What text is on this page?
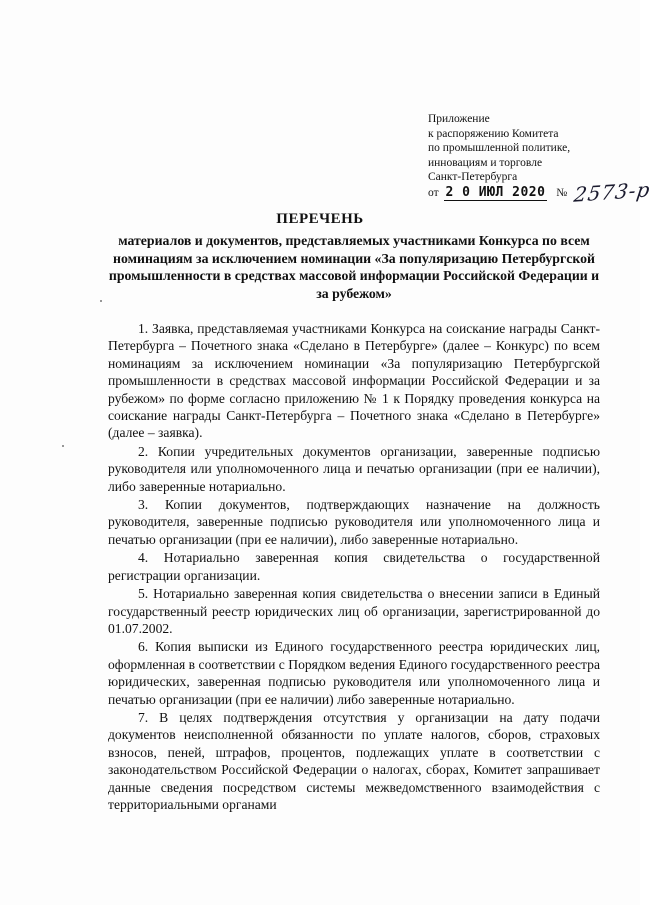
Приложение
к распоряжению Комитета
по промышленной политике,
инновациям и торговле
Санкт-Петербурга
от 2 0 ИЮЛ 2020 № 2573-р
ПЕРЕЧЕНЬ
материалов и документов, представляемых участниками Конкурса по всем номинациям за исключением номинации «За популяризацию Петербургской промышленности в средствах массовой информации Российской Федерации и за рубежом»

1. Заявка, представляемая участниками Конкурса на соискание награды Санкт-Петербурга – Почетного знака «Сделано в Петербурге» (далее – Конкурс) по всем номинациям за исключением номинации «За популяризацию Петербургской промышленности в средствах массовой информации Российской Федерации и за рубежом» по форме согласно приложению № 1 к Порядку проведения конкурса на соискание награды Санкт-Петербурга – Почетного знака «Сделано в Петербурге» (далее – заявка).

2. Копии учредительных документов организации, заверенные подписью руководителя или уполномоченного лица и печатью организации (при ее наличии), либо заверенные нотариально.

3. Копии документов, подтверждающих назначение на должность руководителя, заверенные подписью руководителя или уполномоченного лица и печатью организации (при ее наличии), либо заверенные нотариально.

4. Нотариально заверенная копия свидетельства о государственной регистрации организации.

5. Нотариально заверенная копия свидетельства о внесении записи в Единый государственный реестр юридических лиц об организации, зарегистрированной до 01.07.2002.

6. Копия выписки из Единого государственного реестра юридических лиц, оформленная в соответствии с Порядком ведения Единого государственного реестра юридических, заверенная подписью руководителя или уполномоченного лица и печатью организации (при ее наличии) либо заверенные нотариально.

7. В целях подтверждения отсутствия у организации на дату подачи документов неисполненной обязанности по уплате налогов, сборов, страховых взносов, пеней, штрафов, процентов, подлежащих уплате в соответствии с законодательством Российской Федерации о налогах, сборах, Комитет запрашивает данные сведения посредством системы межведомственного взаимодействия с территориальными органами
